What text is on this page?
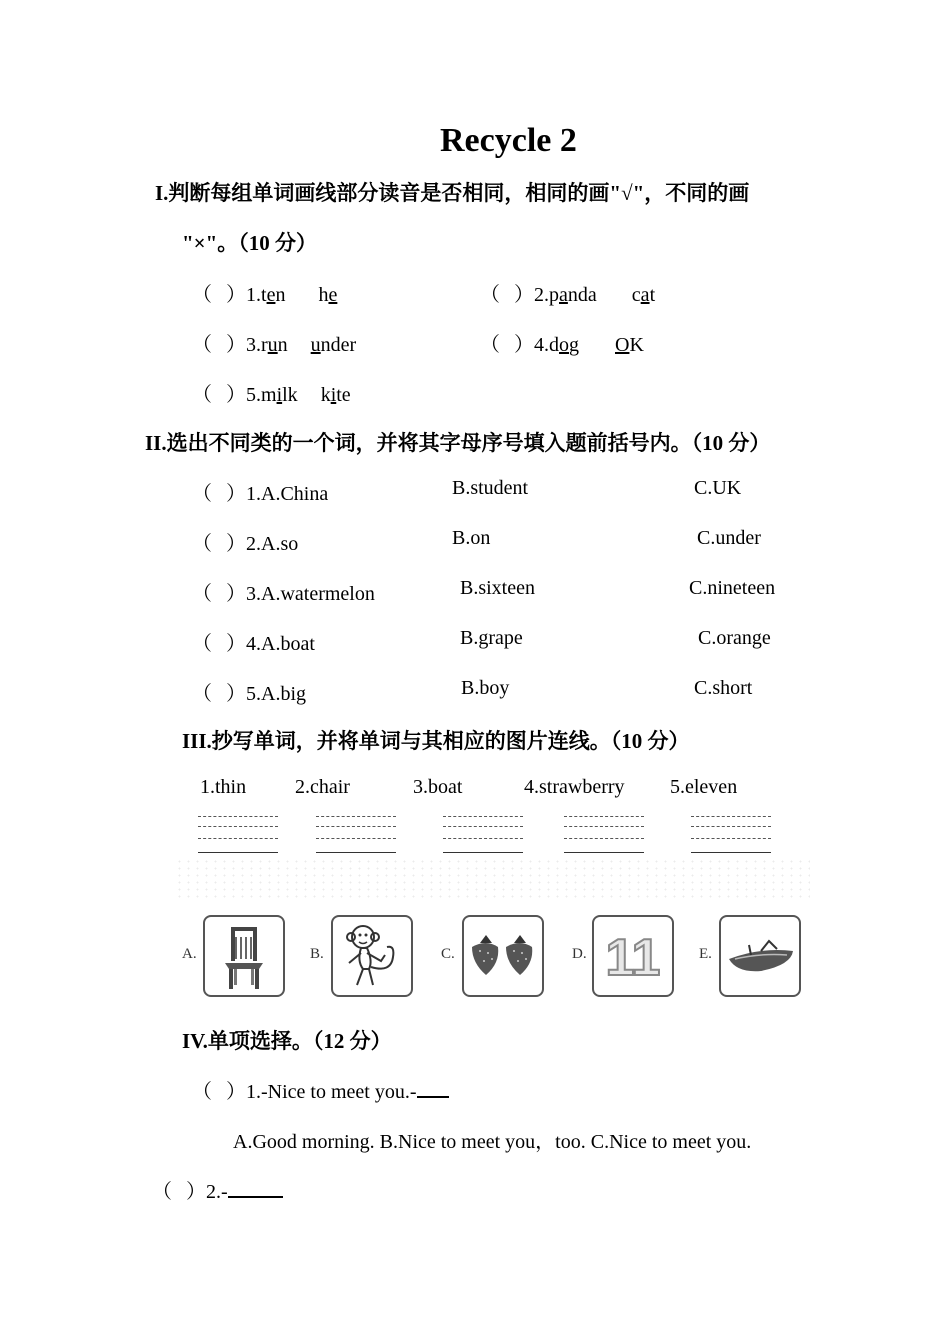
Recycle 2
I.判断每组单词画线部分读音是否相同，相同的画"√"，不同的画
"×"。（10 分）
（ ）1.ten he	（ ）2.panda cat
（ ）3.run under	（ ）4.dog OK
（ ）5.milk kite
II.选出不同类的一个词，并将其字母序号填入题前括号内。（10 分）
（ ）1.A.China	B.student	C.UK
（ ）2.A.so	B.on	C.under
（ ）3.A.watermelon	B.sixteen	C.nineteen
（ ）4.A.boat	B.grape	C.orange
（ ）5.A.big	B.boy	C.short
III.抄写单词，并将单词与其相应的图片连线。（10 分）
1.thin 2.chair	3.boat	4.strawberry 5.eleven
A.	B.	C.	D. 11	E.
IV.单项选择。（12 分）
（ ）1.-Nice to meet you.-
A.Good morning. B.Nice to meet you，too. C.Nice to meet you.
（ ）2.-
